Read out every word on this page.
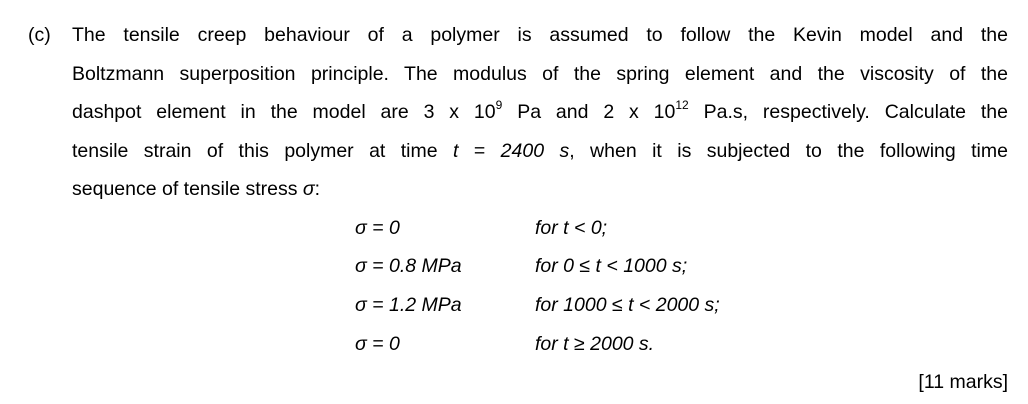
(c) The tensile creep behaviour of a polymer is assumed to follow the Kevin model and the
Boltzmann superposition principle. The modulus of the spring element and the viscosity of the
dashpot element in the model are 3 x $10^9$ Pa and 2 x $10^{12}$ Pa.s, respectively. Calculate the
tensile strain of this polymer at time t = 2400 s, when it is subjected to the following time
sequence of tensile stress σ:
σ = 0	for t < 0;
σ = 0.8 MPa	for 0 ≤ t < 1000 s;
σ = 1.2 MPa	for 1000 ≤ t < 2000 s;
σ = 0	for t ≥ 2000 s.
[11 marks]
